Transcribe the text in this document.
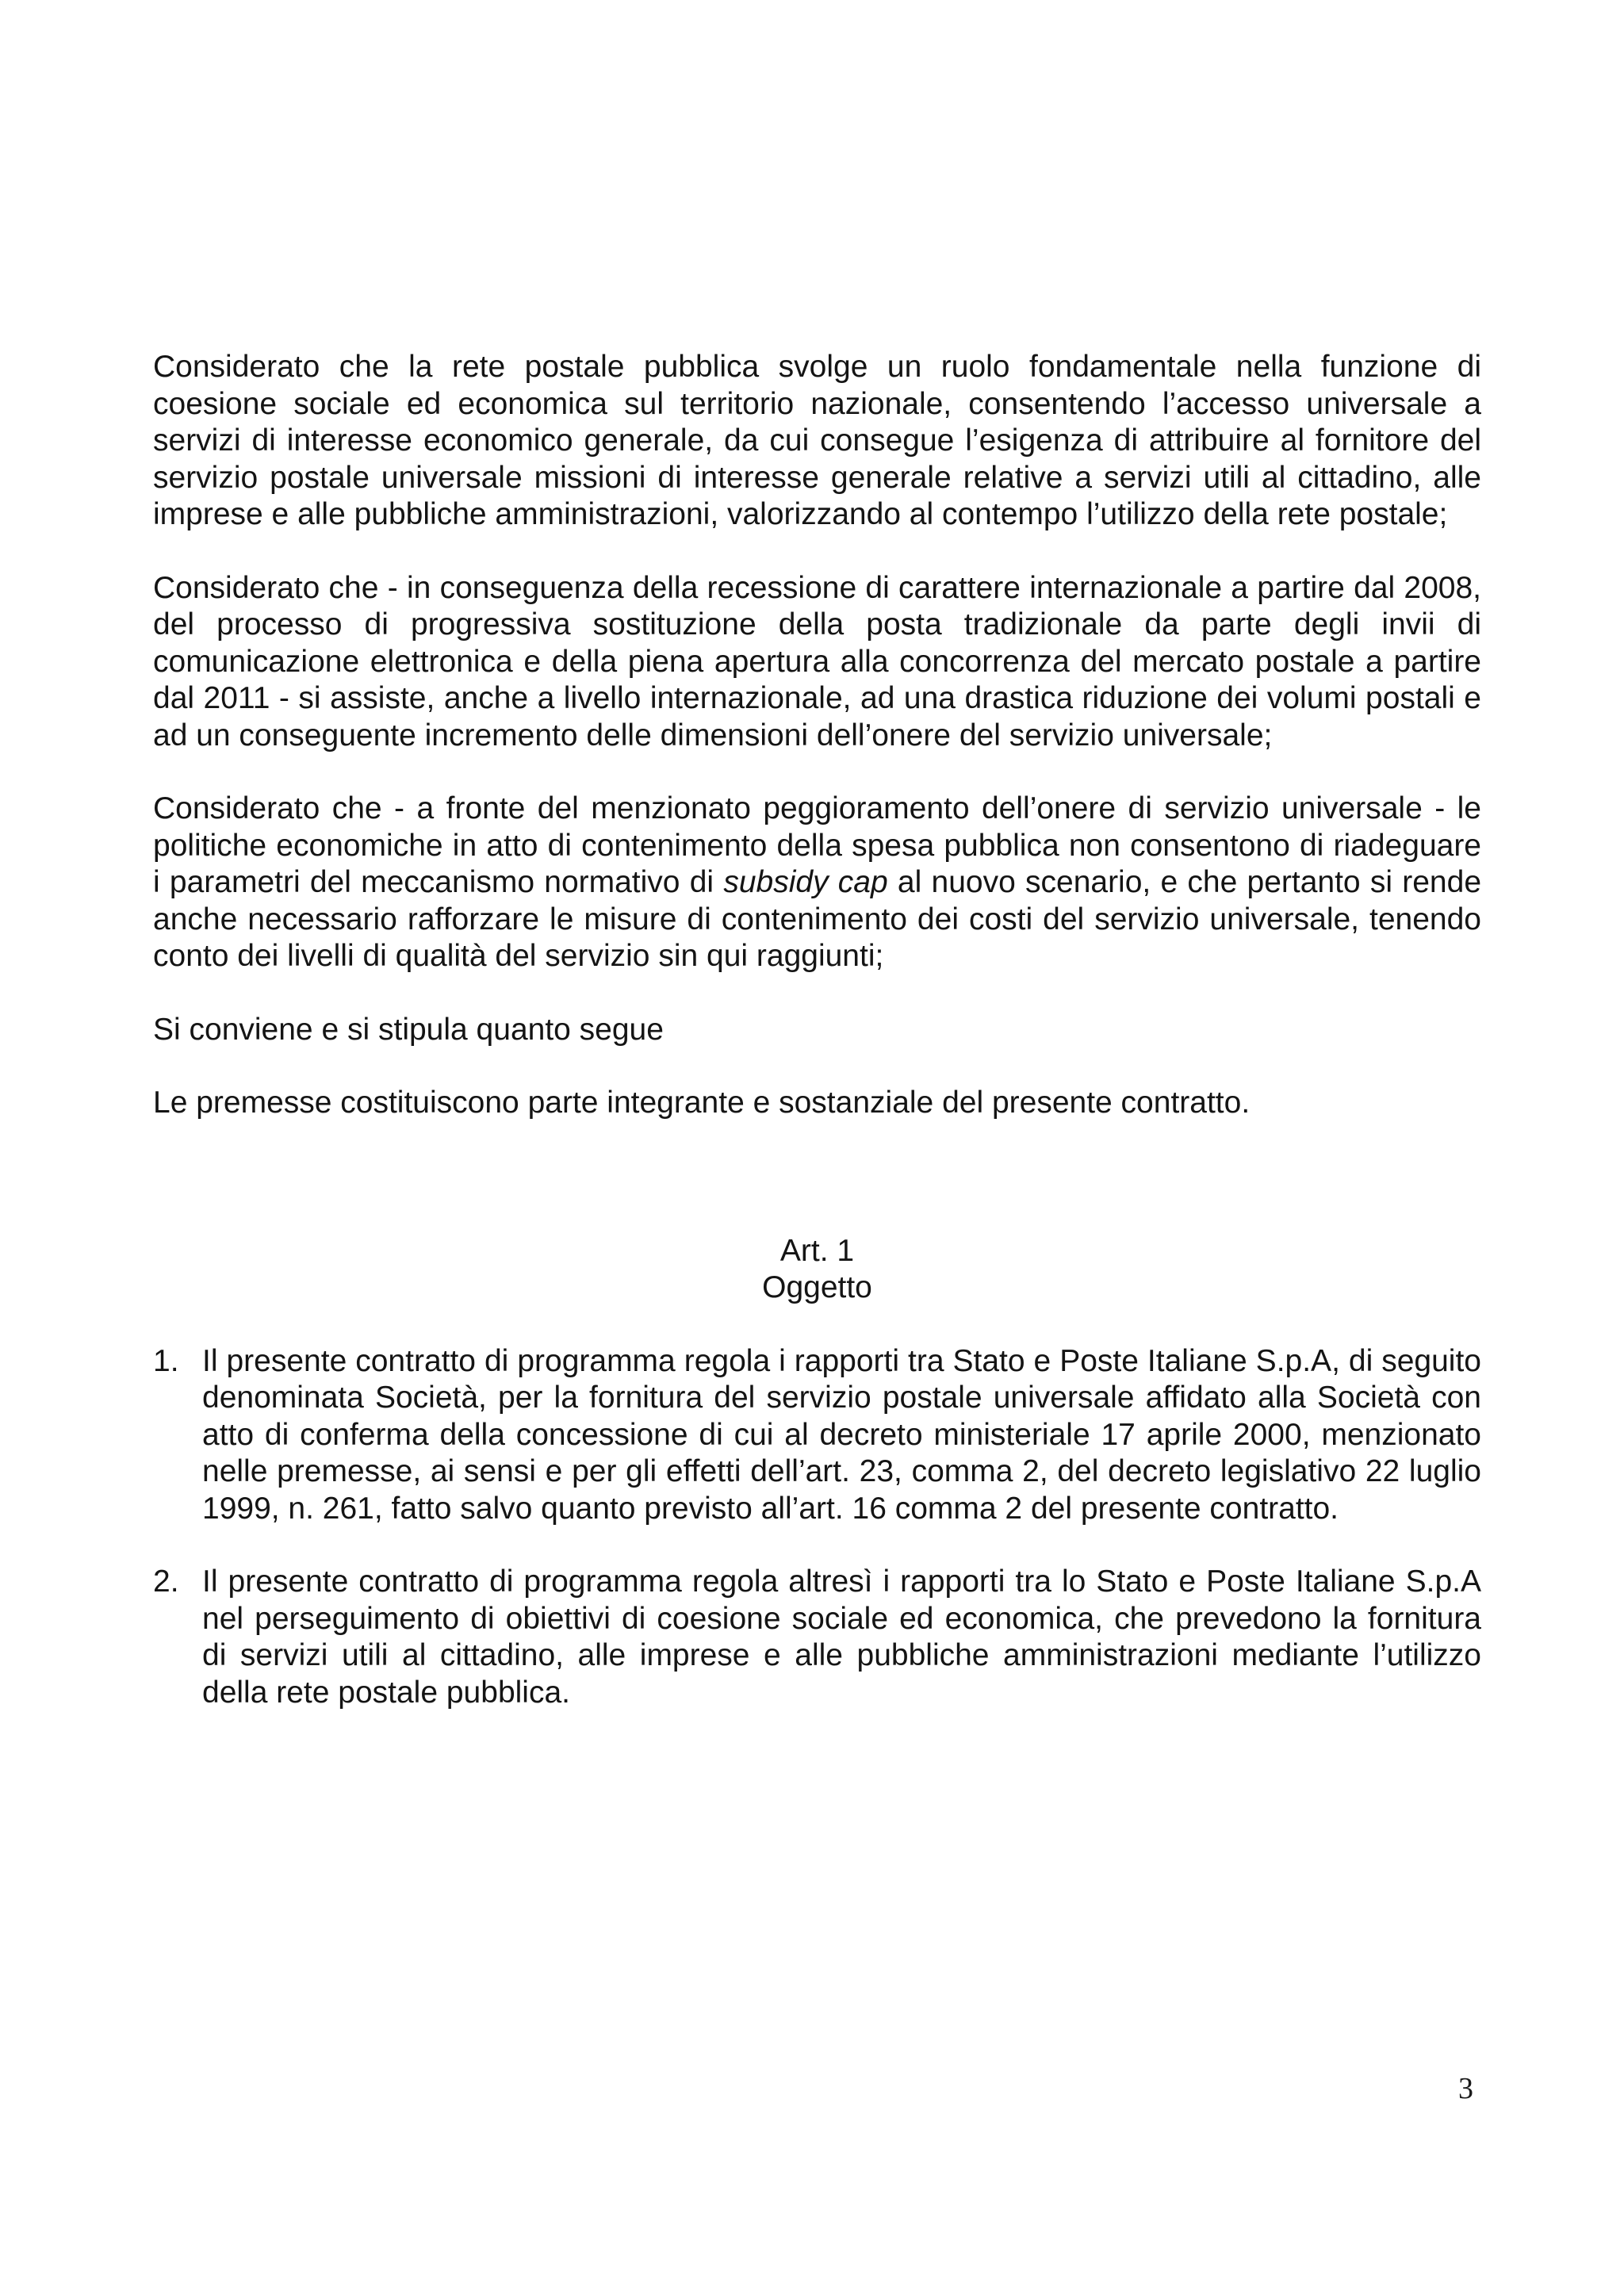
Considerato che la rete postale pubblica svolge un ruolo fondamentale nella funzione di coesione sociale ed economica sul territorio nazionale, consentendo l’accesso universale a servizi di interesse economico generale, da cui consegue l’esigenza di attribuire al fornitore del servizio postale universale missioni di interesse generale relative a servizi utili al cittadino, alle imprese e alle pubbliche amministrazioni, valorizzando al contempo l’utilizzo della rete postale;

Considerato che - in conseguenza della recessione di carattere internazionale a partire dal 2008, del processo di progressiva sostituzione della posta tradizionale da parte degli invii di comunicazione elettronica e della piena apertura alla concorrenza del mercato postale a partire dal 2011 - si assiste, anche a livello internazionale, ad una drastica riduzione dei volumi postali e ad un conseguente incremento delle dimensioni dell’onere del servizio universale;

Considerato che - a fronte del menzionato peggioramento dell’onere di servizio universale - le politiche economiche in atto di contenimento della spesa pubblica non consentono di riadeguare i parametri del meccanismo normativo di subsidy cap al nuovo scenario, e che pertanto si rende anche necessario rafforzare le misure di contenimento dei costi del servizio universale, tenendo conto dei livelli di qualità del servizio sin qui raggiunti;

Si conviene e si stipula quanto segue

Le premesse costituiscono parte integrante e sostanziale del presente contratto.

Art. 1
Oggetto
1. Il presente contratto di programma regola i rapporti tra Stato e Poste Italiane S.p.A, di seguito denominata Società, per la fornitura del servizio postale universale affidato alla Società con atto di conferma della concessione di cui al decreto ministeriale 17 aprile 2000, menzionato nelle premesse, ai sensi e per gli effetti dell’art. 23, comma 2, del decreto legislativo 22 luglio 1999, n. 261, fatto salvo quanto previsto all’art. 16 comma 2 del presente contratto.
2. Il presente contratto di programma regola altresì i rapporti tra lo Stato e Poste Italiane S.p.A nel perseguimento di obiettivi di coesione sociale ed economica, che prevedono la fornitura di servizi utili al cittadino, alle imprese e alle pubbliche amministrazioni mediante l’utilizzo della rete postale pubblica.
3
